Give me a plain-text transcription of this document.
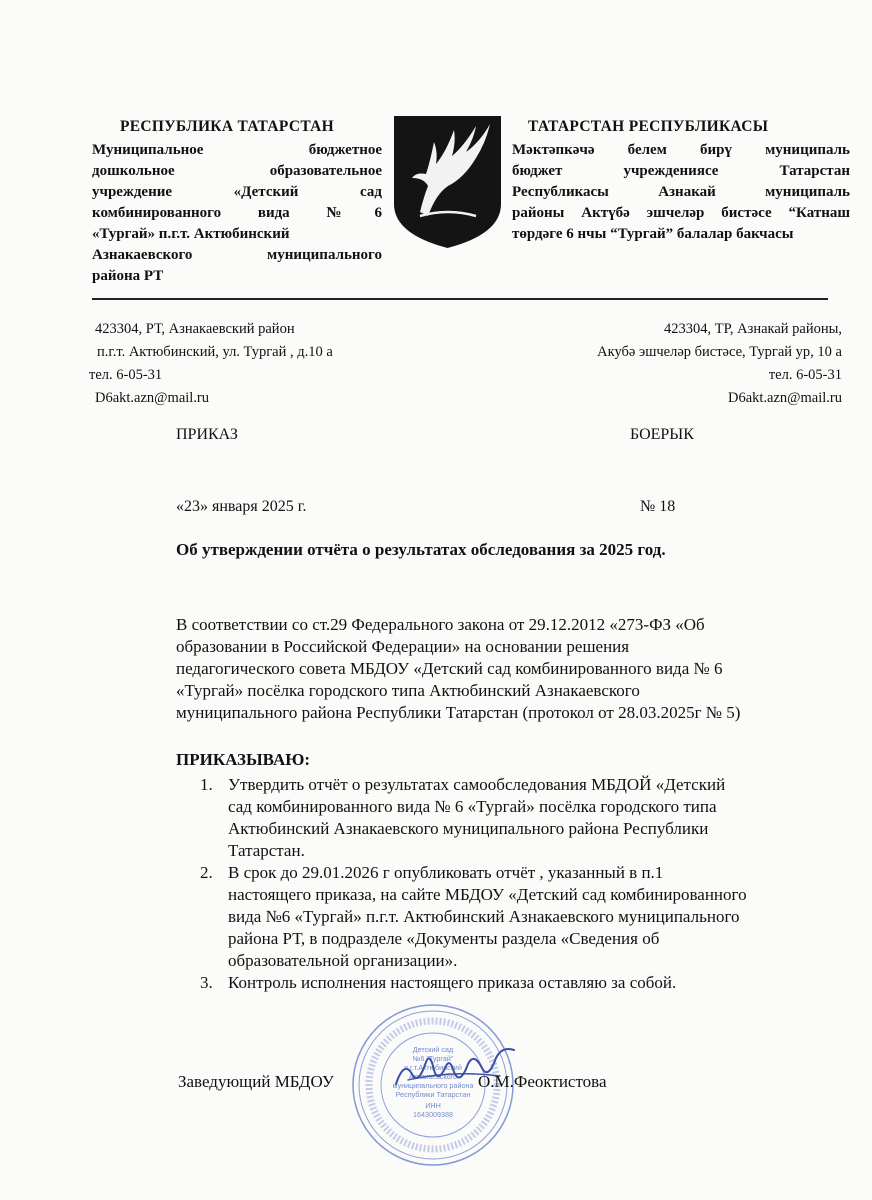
РЕСПУБЛИКА ТАТАРСТАН	ТАТАРСТАН РЕСПУБЛИКАСЫ
Муниципальное бюджетное
дошкольное образовательное
учреждение «Детский сад
комбинированного вида №6
«Тургай» п.г.т. Актюбинский
Азнакаевского муниципального
района РТ
Мәктәпкәчә белем бирү муниципаль
бюджет учреждениясе Татарстан
Республикасы Азнакай муниципаль
районы Актүбә эшчеләр бистәсе “Катнаш
төрдәге 6 нчы “Тургай” балалар бакчасы
423304, РТ, Азнакаевский район
п.г.т. Актюбинский, ул. Тургай , д.10 а
тел. 6-05-31
D6akt.azn@mail.ru
423304, ТР, Азнакай районы,
Акубә эшчеләр бистәсе, Тургай ур, 10 а
тел. 6-05-31
D6akt.azn@mail.ru
ПРИКАЗ	БОЕРЫК
«23» января 2025 г.	№ 18
Об утверждении отчёта о результатах обследования за 2025 год.
В соответствии со ст.29 Федерального закона от 29.12.2012 «273-ФЗ «Об
образовании в Российской Федерации» на основании решения
педагогического совета МБДОУ «Детский сад комбинированного вида № 6
«Тургай» посёлка городского типа Актюбинский Азнакаевского
муниципального района Республики Татарстан (протокол от 28.03.2025г № 5)
ПРИКАЗЫВАЮ:
1. Утвердить отчёт о результатах самообследования МБДОЙ «Детский
сад комбинированного вида № 6 «Тургай» посёлка городского типа
Актюбинский Азнакаевского муниципального района Республики
Татарстан.
2. В срок до 29.01.2026 г опубликовать отчёт , указанный в п.1
настоящего приказа, на сайте МБДОУ «Детский сад комбинированного
вида №6 «Тургай» п.г.т. Актюбинский Азнакаевского муниципального
района РТ, в подразделе «Документы раздела «Сведения об
образовательной организации».
3. Контроль исполнения настоящего приказа оставляю за собой.
Детский сад
№6 "Тургай"
п.г.т.Актюбинский
Азнакаевского
муниципального района
Республики Татарстан
ИНН
1643009388
Заведующий МБДОУ	О.М.Феоктистова
